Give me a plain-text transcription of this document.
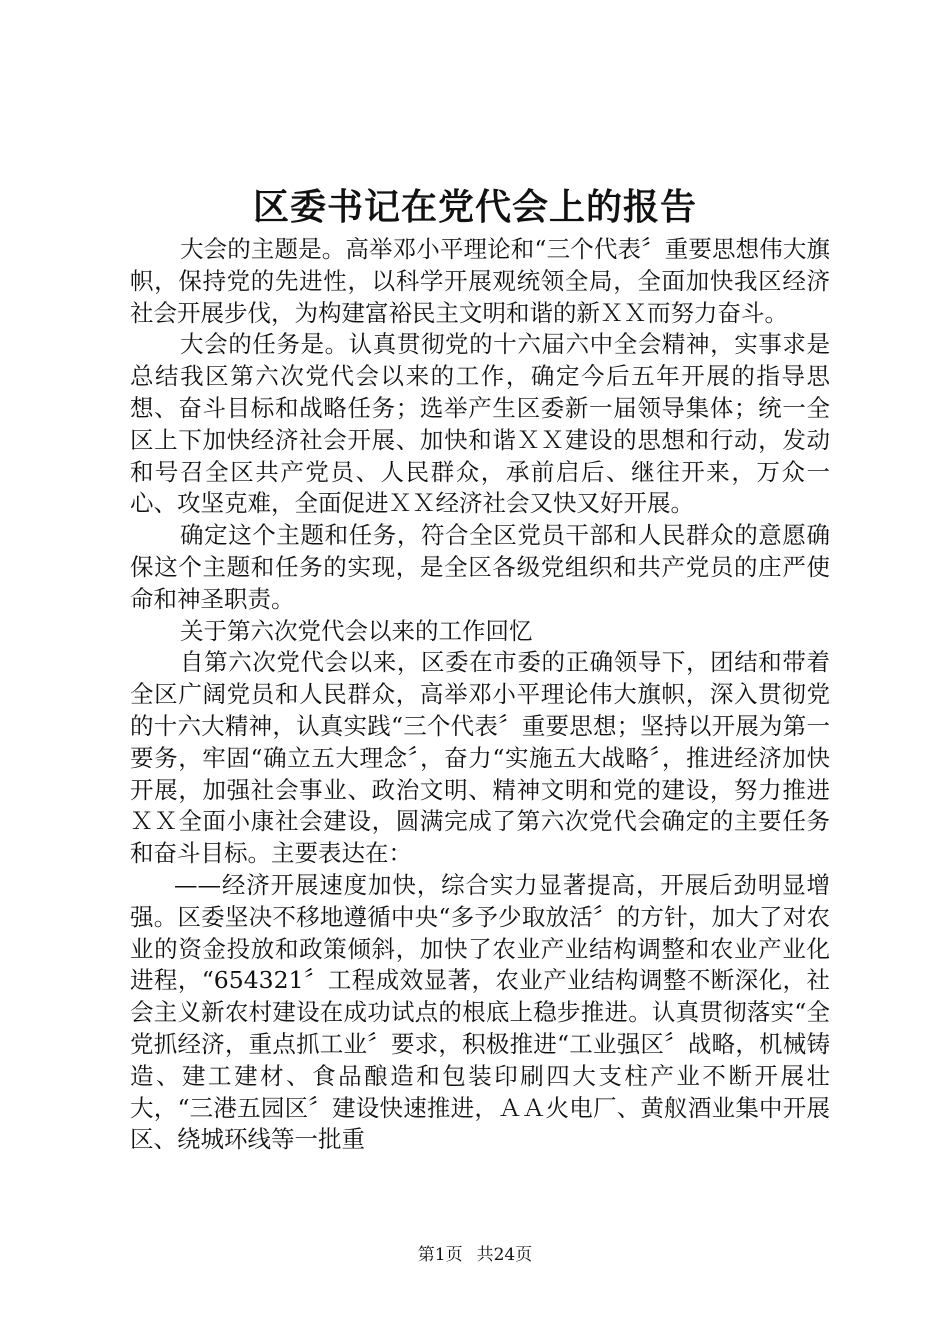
区委书记在党代会上的报告

大会的主题是。高举邓小平理论和“三个代表〞重要思想伟大旗帜，保持党的先进性，以科学开展观统领全局，全面加快我区经济社会开展步伐，为构建富裕民主文明和谐的新ＸＸ而努力奋斗。

大会的任务是。认真贯彻党的十六届六中全会精神，实事求是总结我区第六次党代会以来的工作，确定今后五年开展的指导思想、奋斗目标和战略任务；选举产生区委新一届领导集体；统一全区上下加快经济社会开展、加快和谐ＸＸ建设的思想和行动，发动和号召全区共产党员、人民群众，承前启后、继往开来，万众一心、攻坚克难，全面促进ＸＸ经济社会又快又好开展。

确定这个主题和任务，符合全区党员干部和人民群众的意愿确保这个主题和任务的实现，是全区各级党组织和共产党员的庄严使命和神圣职责。

关于第六次党代会以来的工作回忆

自第六次党代会以来，区委在市委的正确领导下，团结和带着全区广阔党员和人民群众，高举邓小平理论伟大旗帜，深入贯彻党的十六大精神，认真实践“三个代表〞重要思想；坚持以开展为第一要务，牢固“确立五大理念〞，奋力“实施五大战略〞，推进经济加快开展，加强社会事业、政治文明、精神文明和党的建设，努力推进ＸＸ全面小康社会建设，圆满完成了第六次党代会确定的主要任务和奋斗目标。主要表达在：

——经济开展速度加快，综合实力显著提高，开展后劲明显增强。区委坚决不移地遵循中央“多予少取放活〞的方针，加大了对农业的资金投放和政策倾斜，加快了农业产业结构调整和农业产业化进程，“654321〞工程成效显著，农业产业结构调整不断深化，社会主义新农村建设在成功试点的根底上稳步推进。认真贯彻落实“全党抓经济，重点抓工业〞要求，积极推进“工业强区〞战略，机械铸造、建工建材、食品酿造和包装印刷四大支柱产业不断开展壮大，“三港五园区〞建设快速推进，ＡＡ火电厂、黄舣酒业集中开展区、绕城环线等一批重

第1页 共24页
